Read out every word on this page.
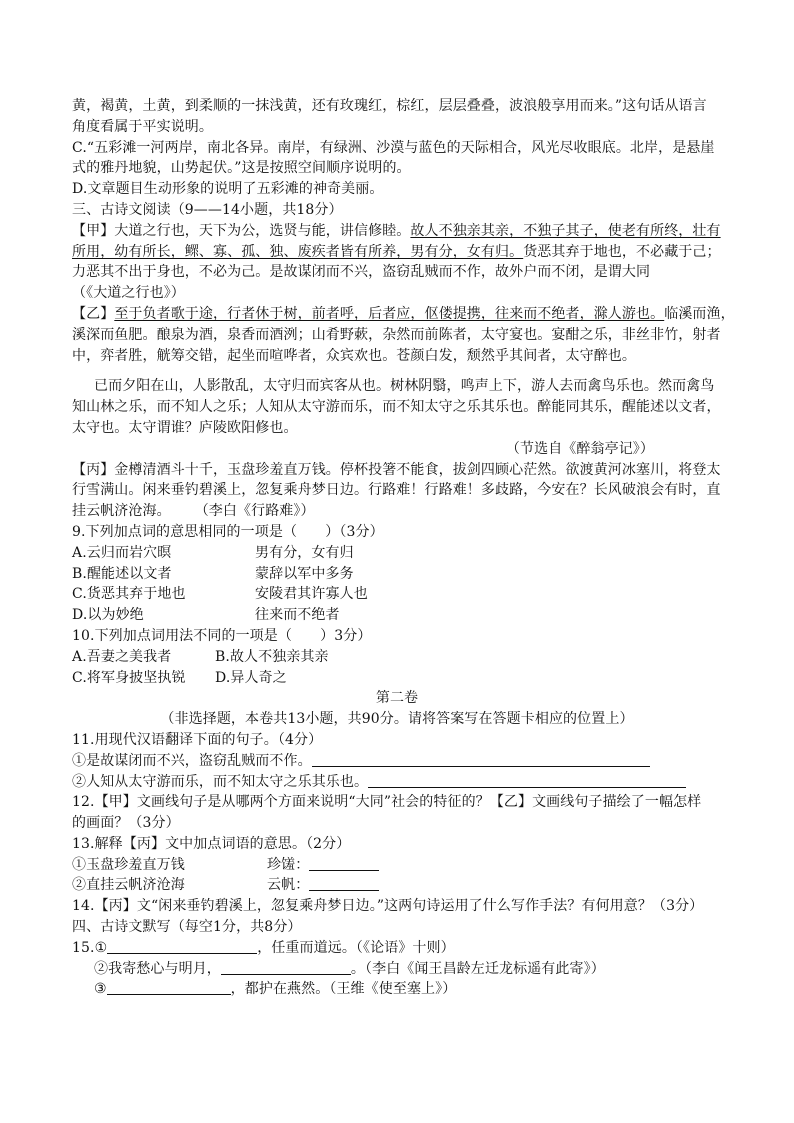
黄，褐黄，土黄，到柔顺的一抹浅黄，还有玫瑰红，棕红，层层叠叠，波浪般享用而来。”这句话从语言
角度看属于平实说明。
C.“五彩滩一河两岸，南北各异。南岸，有绿洲、沙漠与蓝色的天际相合，风光尽收眼底。北岸，是悬崖
式的雅丹地貌，山势起伏。”这是按照空间顺序说明的。
D.文章题目生动形象的说明了五彩滩的神奇美丽。
三、古诗文阅读（9——14小题，共18分）
【甲】大道之行也，天下为公，选贤与能，讲信修睦。故人不独亲其亲，不独子其子，使老有所终，壮有
所用，幼有所长，鳏、寡、孤、独、废疾者皆有所养，男有分，女有归。货恶其弃于地也，不必藏于己；
力恶其不出于身也，不必为己。是故谋闭而不兴，盗窃乱贼而不作，故外户而不闭，是谓大同
（《大道之行也》）
【乙】至于负者歌于途，行者休于树，前者呼，后者应，伛偻提携，往来而不绝者，滁人游也。临溪而渔，
溪深而鱼肥。酿泉为酒，泉香而酒洌；山肴野蔌，杂然而前陈者，太守宴也。宴酣之乐，非丝非竹，射者
中，弈者胜，觥筹交错，起坐而喧哗者，众宾欢也。苍颜白发，颓然乎其间者，太守醉也。
已而夕阳在山，人影散乱，太守归而宾客从也。树林阴翳，鸣声上下，游人去而禽鸟乐也。然而禽鸟
知山林之乐，而不知人之乐；人知从太守游而乐，而不知太守之乐其乐也。醉能同其乐，醒能述以文者，
太守也。太守谓谁？庐陵欧阳修也。
（节选自《醉翁亭记》）
【丙】金樽清酒斗十千，玉盘珍羞直万钱。停杯投箸不能食，拔剑四顾心茫然。欲渡黄河冰塞川，将登太
行雪满山。闲来垂钓碧溪上，忽复乘舟梦日边。行路难！行路难！多歧路，今安在？长风破浪会有时，直
挂云帆济沧海。 （李白《行路难》）
9.下列加点词的意思相同的一项是（　　）（3分）
A.云归而岩穴暝	男有分，女有归
B.醒能述以文者	蒙辞以军中多务
C.货恶其弃于地也	安陵君其许寡人也
D.以为妙绝	往来而不绝者
10.下列加点词用法不同的一项是（　　）3分）
A.吾妻之美我者	B.故人不独亲其亲
C.将军身披坚执锐 D.异人奇之
第二卷
（非选择题，本卷共13小题，共90分。请将答案写在答题卡相应的位置上）
11.用现代汉语翻译下面的句子。（4分）
①是故谋闭而不兴，盗窃乱贼而不作。
②人知从太守游而乐，而不知太守之乐其乐也。
12.【甲】文画线句子是从哪两个方面来说明“大同”社会的特征的？【乙】文画线句子描绘了一幅怎样
的画面？（3分）
13.解释【丙】文中加点词语的意思。（2分）
①玉盘珍羞直万钱	珍馐：
②直挂云帆济沧海	云帆：
14.【丙】文“闲来垂钓碧溪上，忽复乘舟梦日边。”这两句诗运用了什么写作手法？有何用意？（3分）
四、古诗文默写（每空1分，共8分）
15.①	，任重而道远。（《论语》十则）
②我寄愁心与明月，	。（李白《闻王昌龄左迁龙标遥有此寄》）
③	，都护在燕然。（王维《使至塞上》）
